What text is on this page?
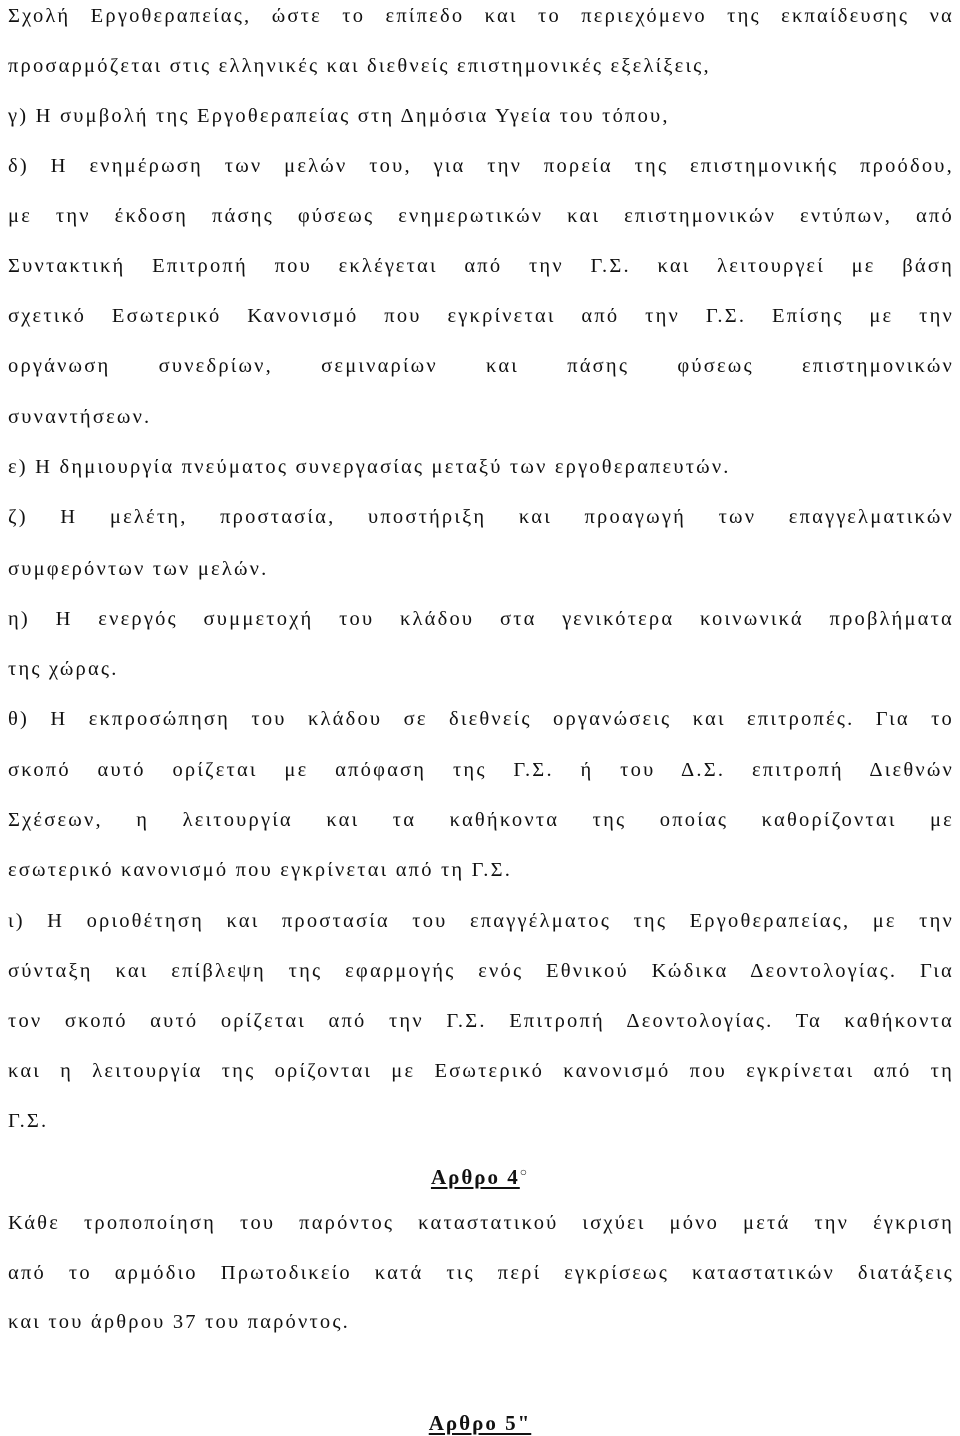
Σχολή Εργοθεραπείας, ώστε το επίπεδο και το περιεχόμενο της εκπαίδευσης να
προσαρμόζεται στις ελληνικές και διεθνείς επιστημονικές εξελίξεις,
γ) Η συμβολή της Εργοθεραπείας στη Δημόσια Υγεία του τόπου,
δ) Η ενημέρωση των μελών του, για την πορεία της επιστημονικής προόδου,
με την έκδοση πάσης φύσεως ενημερωτικών και επιστημονικών εντύπων, από
Συντακτική Επιτροπή που εκλέγεται από την Γ.Σ. και λειτουργεί με βάση
σχετικό Εσωτερικό Κανονισμό που εγκρίνεται από την Γ.Σ. Επίσης με την
οργάνωση συνεδρίων, σεμιναρίων και πάσης φύσεως επιστημονικών
συναντήσεων.
ε) Η δημιουργία πνεύματος συνεργασίας μεταξύ των εργοθεραπευτών.
ζ) Η μελέτη, προστασία, υποστήριξη και προαγωγή των επαγγελματικών
συμφερόντων των μελών.
η) Η ενεργός συμμετοχή του κλάδου στα γενικότερα κοινωνικά προβλήματα
της χώρας.
θ) Η εκπροσώπηση του κλάδου σε διεθνείς οργανώσεις και επιτροπές. Για το
σκοπό αυτό ορίζεται με απόφαση της Γ.Σ. ή του Δ.Σ. επιτροπή Διεθνών
Σχέσεων, η λειτουργία και τα καθήκοντα της οποίας καθορίζονται με
εσωτερικό κανονισμό που εγκρίνεται από τη Γ.Σ.
ι) Η οριοθέτηση και προστασία του επαγγέλματος της Εργοθεραπείας, με την
σύνταξη και επίβλεψη της εφαρμογής ενός Εθνικού Κώδικα Δεοντολογίας. Για
τον σκοπό αυτό ορίζεται από την Γ.Σ. Επιτροπή Δεοντολογίας. Τα καθήκοντα
και η λειτουργία της ορίζονται με Εσωτερικό κανονισμό που εγκρίνεται από τη
Γ.Σ.
Αρθρο 4○
Κάθε τροποποίηση του παρόντος καταστατικού ισχύει μόνο μετά την έγκριση
από το αρμόδιο Πρωτοδικείο κατά τις περί εγκρίσεως καταστατικών διατάξεις
και του άρθρου 37 του παρόντος.
Αρθρο 5"
